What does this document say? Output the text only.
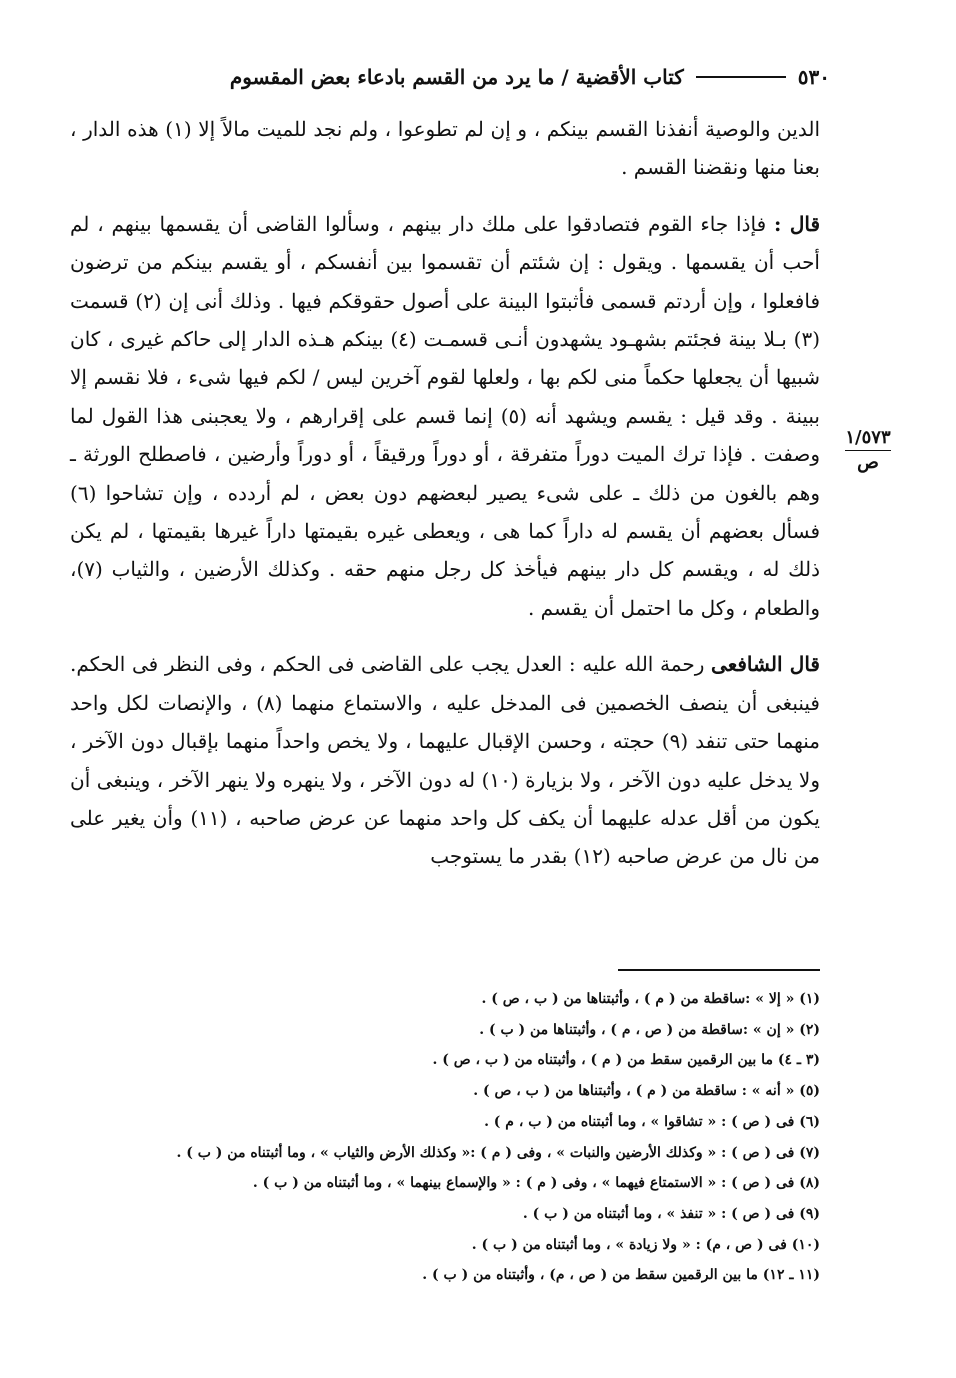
٥٣٠
كتاب الأقضية / ما يرد من القسم بادعاء بعض المقسوم
١/٥٧٣
ص

الدين والوصية أنفذنا القسم بينكم ، و إن لم تطوعوا ، ولم نجد للميت مالاً إلا (١) هذه الدار ، بعنا منها ونقضنا القسم .

قال : فإذا جاء القوم فتصادقوا على ملك دار بينهم ، وسألوا القاضى أن يقسمها بينهم ، لم أحب أن يقسمها . ويقول : إن شئتم أن تقسموا بين أنفسكم ، أو يقسم بينكم من ترضون فافعلوا ، وإن أردتم قسمى فأثبتوا البينة على أصول حقوقكم فيها . وذلك أنى إن (٢) قسمت (٣) بـلا بينة فجئتم بشهـود يشهدون أنـى قسمـت (٤) بينكم هـذه الدار إلى حاكم غيرى ، كان شبيها أن يجعلها حكماً منى لكم بها ، ولعلها لقوم آخرين ليس / لكم فيها شىء ، فلا نقسم إلا ببينة . وقد قيل : يقسم ويشهد أنه (٥) إنما قسم على إقرارهم ، ولا يعجبنى هذا القول لما وصفت . فإذا ترك الميت دوراً متفرقة ، أو دوراً ورقيقاً ، أو دوراً وأرضين ، فاصطلح الورثة ـ وهم بالغون من ذلك ـ على شىء يصير لبعضهم دون بعض ، لم أردده ، وإن تشاحوا (٦) فسأل بعضهم أن يقسم له داراً كما هى ، ويعطى غيره بقيمتها داراً غيرها بقيمتها ، لم يكن ذلك له ، ويقسم كل دار بينهم فيأخذ كل رجل منهم حقه . وكذلك الأرضين ، والثياب (٧)، والطعام ، وكل ما احتمل أن يقسم .

قال الشافعى رحمة الله عليه : العدل يجب على القاضى فى الحكم ، وفى النظر فى الحكم. فينبغى أن ينصف الخصمين فى المدخل عليه ، والاستماع منهما (٨) ، والإنصات لكل واحد منهما حتى تنفد (٩) حجته ، وحسن الإقبال عليهما ، ولا يخص واحداً منهما بإقبال دون الآخر ، ولا يدخل عليه دون الآخر ، ولا بزيارة (١٠) له دون الآخر ، ولا ينهره ولا ينهر الآخر ، وينبغى أن يكون من أقل عدله عليهما أن يكف كل واحد منهما عن عرض صاحبه ، (١١) وأن يغير على من نال من عرض صاحبه (١٢) بقدر ما يستوجب

(١) « إلا » :ساقطة من ( م ) ، وأثبتناها من ( ب ، ص ) .
(٢) « إن » :ساقطة من ( ص ، م ) ، وأثبتناها من ( ب ) .
(٣ ـ ٤) ما بين الرقمين سقط من ( م ) ، وأثبتناه من ( ب ، ص ) .
(٥) « أنه » : ساقطة من ( م ) ، وأثبتناها من ( ب ، ص ) .
(٦) فى ( ص ) : « تشاقوا » ، وما أثبتناه من ( ب ، م ) .
(٧) فى ( ص ) : « وكذلك الأرضين والنبات » ، وفى ( م ) :« وكذلك الأرض والثياب » ، وما أثبتناه من ( ب ) .
(٨) فى ( ص ) : « الاستمتاع فيهما » ، وفى ( م ) : « والإسماع بينهما » ، وما أثبتناه من ( ب ) .
(٩) فى ( ص ) : « تنفذ » ، وما أثبتناه من ( ب ) .
(١٠) فى ( ص ، م) : « ولا زيادة » ، وما أثبتناه من ( ب ) .
(١١ ـ ١٢) ما بين الرقمين سقط من ( ص ، م) ، وأثبتناه من ( ب ) .
